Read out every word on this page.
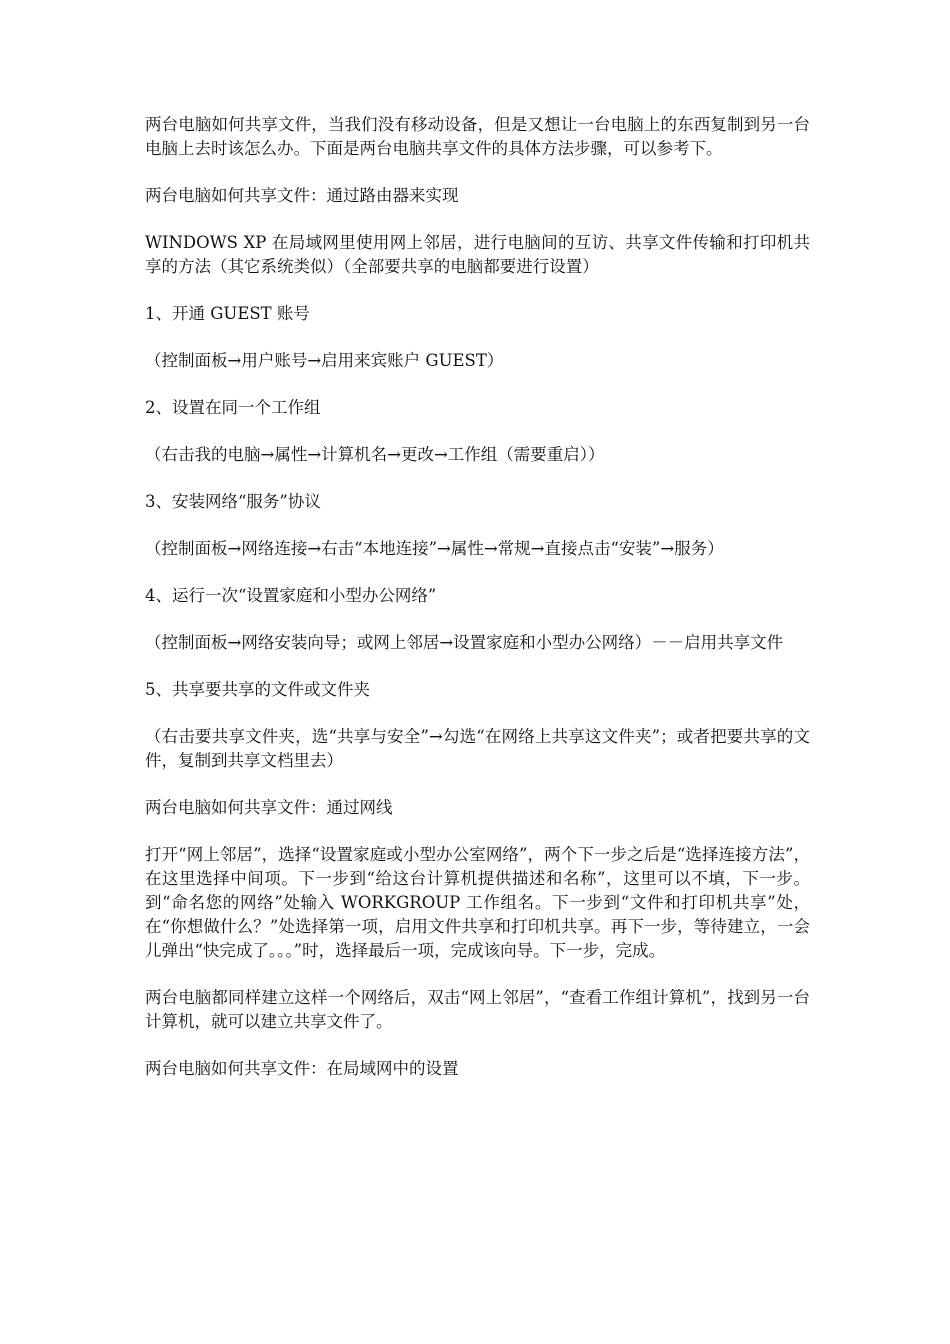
两台电脑如何共享文件，当我们没有移动设备，但是又想让一台电脑上的东西复制到另一台电脑上去时该怎么办。下面是两台电脑共享文件的具体方法步骤，可以参考下。

两台电脑如何共享文件：通过路由器来实现

WINDOWS XP 在局域网里使用网上邻居，进行电脑间的互访、共享文件传输和打印机共享的方法（其它系统类似）（全部要共享的电脑都要进行设置）

1、开通 GUEST 账号

（控制面板→用户账号→启用来宾账户 GUEST）

2、设置在同一个工作组

（右击我的电脑→属性→计算机名→更改→工作组（需要重启））

3、安装网络“服务”协议

（控制面板→网络连接→右击“本地连接”→属性→常规→直接点击“安装”→服务）

4、运行一次“设置家庭和小型办公网络”

（控制面板→网络安装向导；或网上邻居→设置家庭和小型办公网络）－－启用共享文件

5、共享要共享的文件或文件夹

（右击要共享文件夹，选“共享与安全”→勾选“在网络上共享这文件夹”；或者把要共享的文件，复制到共享文档里去）

两台电脑如何共享文件：通过网线

打开“网上邻居”，选择“设置家庭或小型办公室网络”，两个下一步之后是“选择连接方法”，在这里选择中间项。下一步到“给这台计算机提供描述和名称”，这里可以不填，下一步。到“命名您的网络”处输入 WORKGROUP 工作组名。下一步到“文件和打印机共享”处，在“你想做什么？”处选择第一项，启用文件共享和打印机共享。再下一步，等待建立，一会儿弹出“快完成了。。。”时，选择最后一项，完成该向导。下一步，完成。

两台电脑都同样建立这样一个网络后，双击“网上邻居”，“查看工作组计算机”，找到另一台计算机，就可以建立共享文件了。

两台电脑如何共享文件：在局域网中的设置
